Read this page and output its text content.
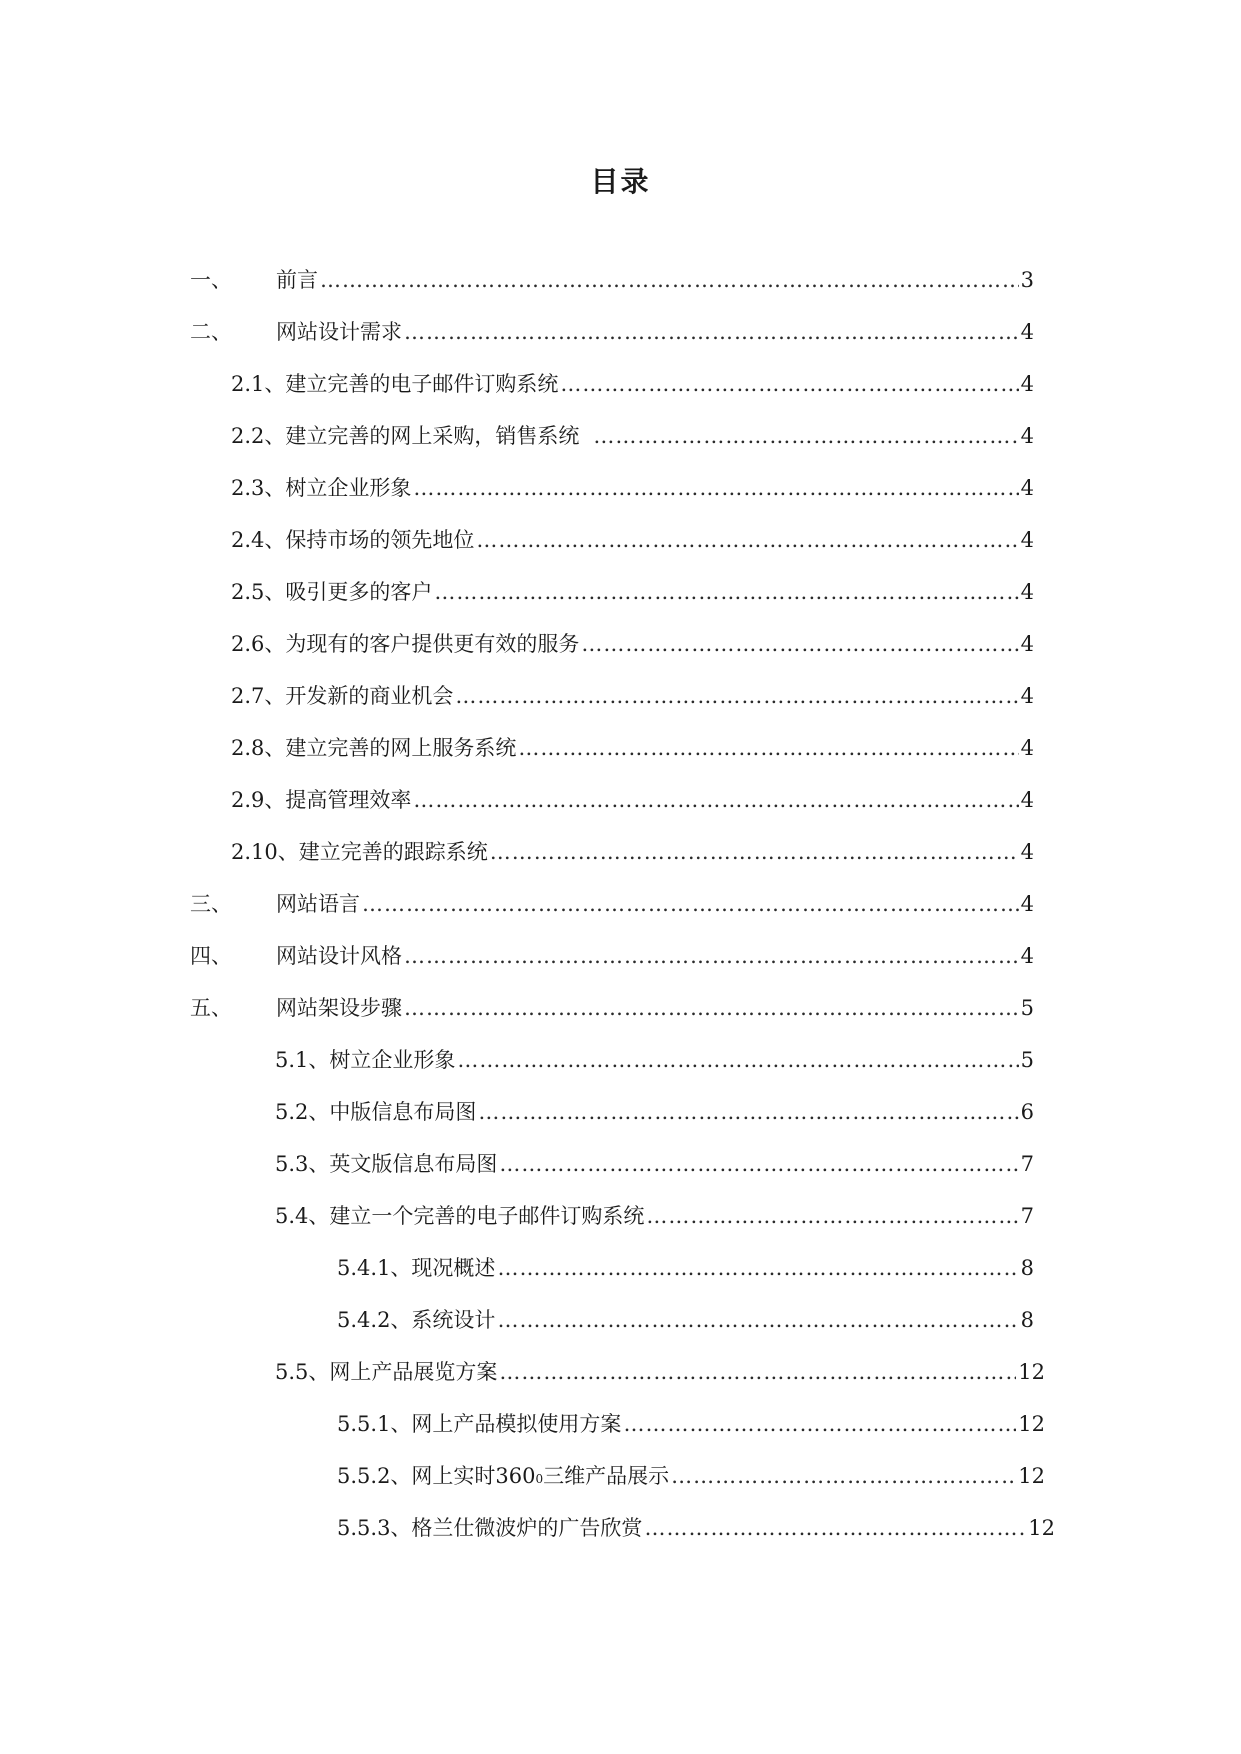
目录
一、	前言 ……………………………………………………………………………………………………………………………………………………………………………………………………	3
二、	网站设计需求 ……………………………………………………………………………………………………………………………………………………………………………………………………	4
2.1、建立完善的电子邮件订购系统 ……………………………………………………………………………………………………………………………………………………………………………………………………	4
2.2、建立完善的网上采购，销售系统 ……………………………………………………………………………………………………………………………………………………………………………………………………	4
2.3、树立企业形象 ……………………………………………………………………………………………………………………………………………………………………………………………………	4
2.4、保持市场的领先地位 ……………………………………………………………………………………………………………………………………………………………………………………………………	4
2.5、吸引更多的客户 ……………………………………………………………………………………………………………………………………………………………………………………………………	4
2.6、为现有的客户提供更有效的服务 ……………………………………………………………………………………………………………………………………………………………………………………………………	4
2.7、开发新的商业机会 ……………………………………………………………………………………………………………………………………………………………………………………………………	4
2.8、建立完善的网上服务系统 ……………………………………………………………………………………………………………………………………………………………………………………………………	4
2.9、提高管理效率 ……………………………………………………………………………………………………………………………………………………………………………………………………	4
2.10、建立完善的跟踪系统 ……………………………………………………………………………………………………………………………………………………………………………………………………	4
三、	网站语言 ……………………………………………………………………………………………………………………………………………………………………………………………………	4
四、	网站设计风格 ……………………………………………………………………………………………………………………………………………………………………………………………………	4
五、	网站架设步骤 ……………………………………………………………………………………………………………………………………………………………………………………………………	5
5.1、树立企业形象 ……………………………………………………………………………………………………………………………………………………………………………………………………	5
5.2、中版信息布局图 ……………………………………………………………………………………………………………………………………………………………………………………………………	6
5.3、英文版信息布局图 ……………………………………………………………………………………………………………………………………………………………………………………………………	7
5.4、建立一个完善的电子邮件订购系统 ……………………………………………………………………………………………………………………………………………………………………………………………………	7
5.4.1、现况概述 ……………………………………………………………………………………………………………………………………………………………………………………………………	8
5.4.2、系统设计 ……………………………………………………………………………………………………………………………………………………………………………………………………	8
5.5、网上产品展览方案 ……………………………………………………………………………………………………………………………………………………………………………………………………	12
5.5.1、网上产品模拟使用方案 ……………………………………………………………………………………………………………………………………………………………………………………………………	12
5.5.2、网上实时360 0 三维产品展示 ……………………………………………………………………………………………………………………………………………………………………………………………………	12
5.5.3、格兰仕微波炉的广告欣赏 ……………………………………………………………………………………………………………………………………………………………………………………………………	12
